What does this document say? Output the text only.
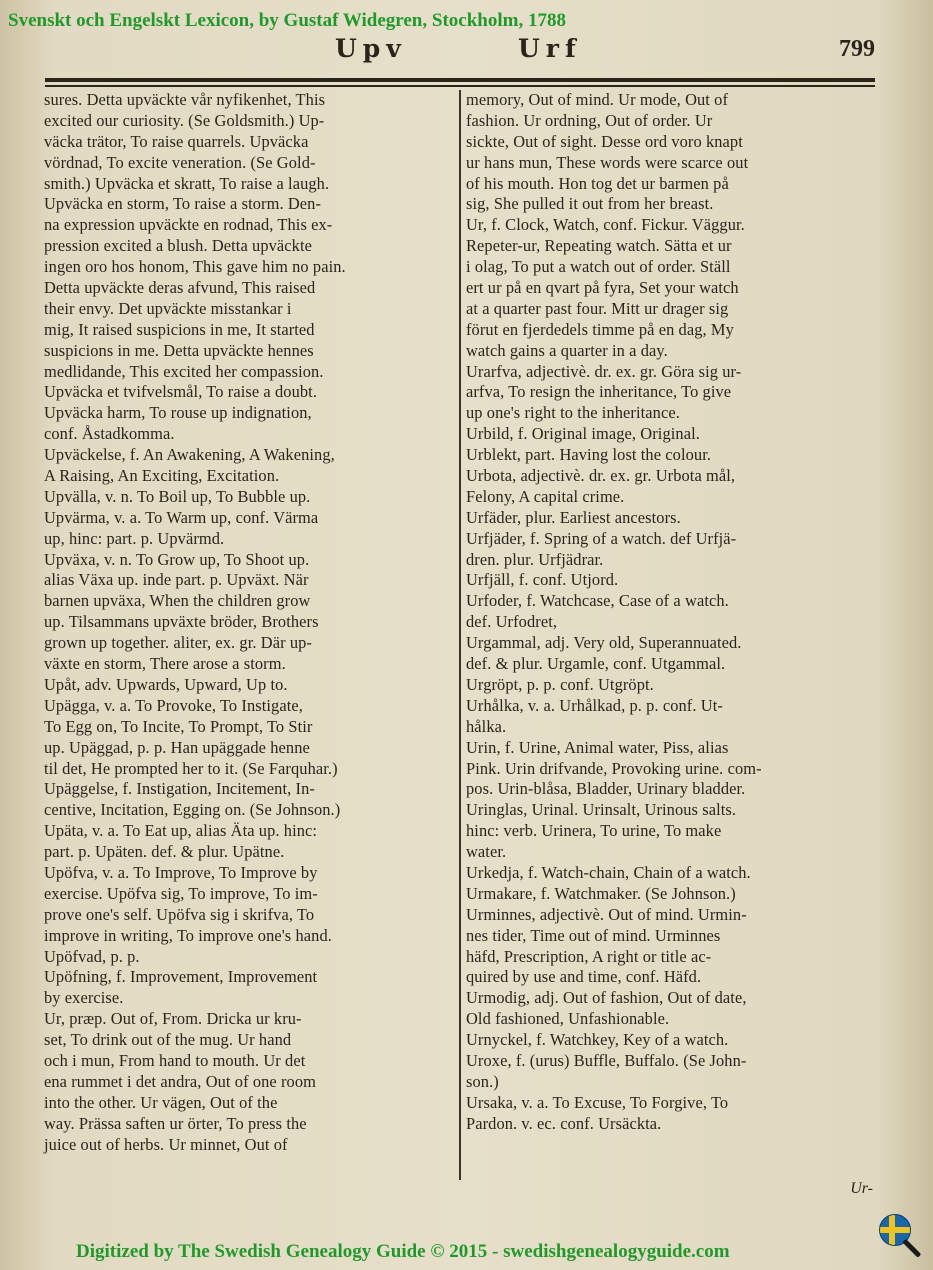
Svenskt och Engelskt Lexicon, by Gustaf Widegren, Stockholm, 1788
Upv	Urf	799
sures. Detta upväckte vår nyfikenhet, This
excited our curiosity. (Se Goldsmith.) Up-
väcka trätor, To raise quarrels. Upväcka
vördnad, To excite veneration. (Se Gold-
smith.) Upväcka et skratt, To raise a laugh.
Upväcka en storm, To raise a storm. Den-
na expression upväckte en rodnad, This ex-
pression excited a blush. Detta upväckte
ingen oro hos honom, This gave him no pain.
Detta upväckte deras afvund, This raised
their envy. Det upväckte misstankar i
mig, It raised suspicions in me, It started
suspicions in me. Detta upväckte hennes
medlidande, This excited her compassion.
Upväcka et tvifvelsmål, To raise a doubt.
Upväcka harm, To rouse up indignation,
conf. Åstadkomma.
Upväckelse, f. An Awakening, A Wakening,
A Raising, An Exciting, Excitation.
Upvälla, v. n. To Boil up, To Bubble up.
Upvärma, v. a. To Warm up, conf. Värma
up, hinc: part. p. Upvärmd.
Upväxa, v. n. To Grow up, To Shoot up.
alias Växa up. inde part. p. Upväxt. När
barnen upväxa, When the children grow
up. Tilsammans upväxte bröder, Brothers
grown up together. aliter, ex. gr. Där up-
växte en storm, There arose a storm.
Upåt, adv. Upwards, Upward, Up to.
Upägga, v. a. To Provoke, To Instigate,
To Egg on, To Incite, To Prompt, To Stir
up. Upäggad, p. p. Han upäggade henne
til det, He prompted her to it. (Se Farquhar.)
Upäggelse, f. Instigation, Incitement, In-
centive, Incitation, Egging on. (Se Johnson.)
Upäta, v. a. To Eat up, alias Äta up. hinc:
part. p. Upäten. def. & plur. Upätne.
Upöfva, v. a. To Improve, To Improve by
exercise. Upöfva sig, To improve, To im-
prove one's self. Upöfva sig i skrifva, To
improve in writing, To improve one's hand.
Upöfvad, p. p.
Upöfning, f. Improvement, Improvement
by exercise.
Ur, præp. Out of, From. Dricka ur kru-
set, To drink out of the mug. Ur hand
och i mun, From hand to mouth. Ur det
ena rummet i det andra, Out of one room
into the other. Ur vägen, Out of the
way. Prässa saften ur örter, To press the
juice out of herbs. Ur minnet, Out of
memory, Out of mind. Ur mode, Out of
fashion. Ur ordning, Out of order. Ur
sickte, Out of sight. Desse ord voro knapt
ur hans mun, These words were scarce out
of his mouth. Hon tog det ur barmen på
sig, She pulled it out from her breast.
Ur, f. Clock, Watch, conf. Fickur. Väggur.
Repeter-ur, Repeating watch. Sätta et ur
i olag, To put a watch out of order. Ställ
ert ur på en qvart på fyra, Set your watch
at a quarter past four. Mitt ur drager sig
förut en fjerdedels timme på en dag, My
watch gains a quarter in a day.
Urarfva, adjectivè. dr. ex. gr. Göra sig ur-
arfva, To resign the inheritance, To give
up one's right to the inheritance.
Urbild, f. Original image, Original.
Urblekt, part. Having lost the colour.
Urbota, adjectivè. dr. ex. gr. Urbota mål,
Felony, A capital crime.
Urfäder, plur. Earliest ancestors.
Urfjäder, f. Spring of a watch. def Urfjä-
dren. plur. Urfjädrar.
Urfjäll, f. conf. Utjord.
Urfoder, f. Watchcase, Case of a watch.
def. Urfodret,
Urgammal, adj. Very old, Superannuated.
def. & plur. Urgamle, conf. Utgammal.
Urgröpt, p. p. conf. Utgröpt.
Urhålka, v. a. Urhålkad, p. p. conf. Ut-
hålka.
Urin, f. Urine, Animal water, Piss, alias
Pink. Urin drifvande, Provoking urine. com-
pos. Urin-blåsa, Bladder, Urinary bladder.
Uringlas, Urinal. Urinsalt, Urinous salts.
hinc: verb. Urinera, To urine, To make
water.
Urkedja, f. Watch-chain, Chain of a watch.
Urmakare, f. Watchmaker. (Se Johnson.)
Urminnes, adjectivè. Out of mind. Urmin-
nes tider, Time out of mind. Urminnes
häfd, Prescription, A right or title ac-
quired by use and time, conf. Häfd.
Urmodig, adj. Out of fashion, Out of date,
Old fashioned, Unfashionable.
Urnyckel, f. Watchkey, Key of a watch.
Uroxe, f. (urus) Buffle, Buffalo. (Se John-
son.)
Ursaka, v. a. To Excuse, To Forgive, To
Pardon. v. ec. conf. Ursäckta.
Ur-
Digitized by The Swedish Genealogy Guide © 2015 - swedishgenealogyguide.com
